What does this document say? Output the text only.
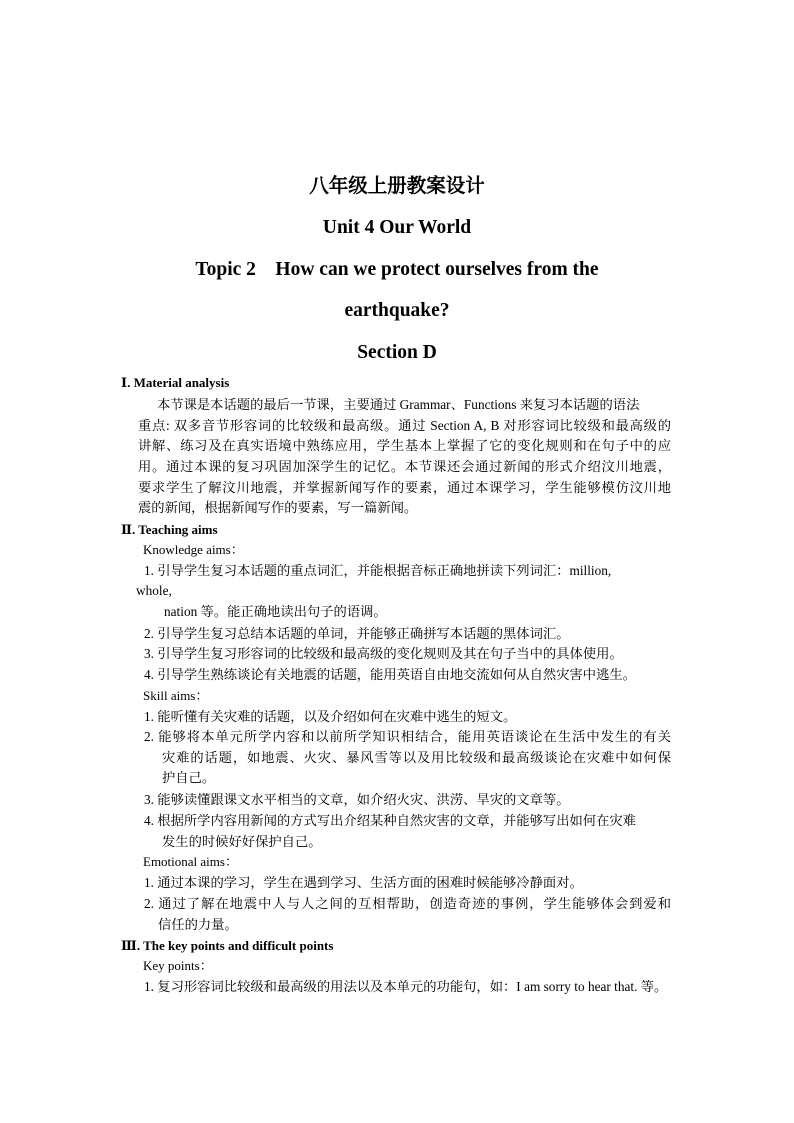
八年级上册教案设计
Unit 4 Our World
Topic 2　How can we protect ourselves from the
earthquake?
Section D
Ⅰ. Material analysis
本节课是本话题的最后一节课，主要通过 Grammar、Functions 来复习本话题的语法
重点: 双多音节形容词的比较级和最高级。通过 Section A, B 对形容词比较级和最高级的
讲解、练习及在真实语境中熟练应用，学生基本上掌握了它的变化规则和在句子中的应
用。通过本课的复习巩固加深学生的记忆。本节课还会通过新闻的形式介绍汶川地震，
要求学生了解汶川地震，并掌握新闻写作的要素，通过本课学习，学生能够模仿汶川地
震的新闻，根据新闻写作的要素，写一篇新闻。
Ⅱ. Teaching aims
Knowledge aims：
1. 引导学生复习本话题的重点词汇，并能根据音标正确地拼读下列词汇：million,
whole,
nation 等。能正确地读出句子的语调。
2. 引导学生复习总结本话题的单词，并能够正确拼写本话题的黑体词汇。
3. 引导学生复习形容词的比较级和最高级的变化规则及其在句子当中的具体使用。
4. 引导学生熟练谈论有关地震的话题，能用英语自由地交流如何从自然灾害中逃生。
Skill aims：
1. 能听懂有关灾难的话题，以及介绍如何在灾难中逃生的短文。
2. 能够将本单元所学内容和以前所学知识相结合，能用英语谈论在生活中发生的有关
灾难的话题，如地震、火灾、暴风雪等以及用比较级和最高级谈论在灾难中如何保
护自己。
3. 能够读懂跟课文水平相当的文章，如介绍火灾、洪涝、旱灾的文章等。
4. 根据所学内容用新闻的方式写出介绍某种自然灾害的文章，并能够写出如何在灾难
发生的时候好好保护自己。
Emotional aims：
1. 通过本课的学习，学生在遇到学习、生活方面的困难时候能够冷静面对。
2. 通过了解在地震中人与人之间的互相帮助，创造奇迹的事例，学生能够体会到爱和
信任的力量。
Ⅲ. The key points and difficult points
Key points：
1. 复习形容词比较级和最高级的用法以及本单元的功能句，如：I am sorry to hear that. 等。
